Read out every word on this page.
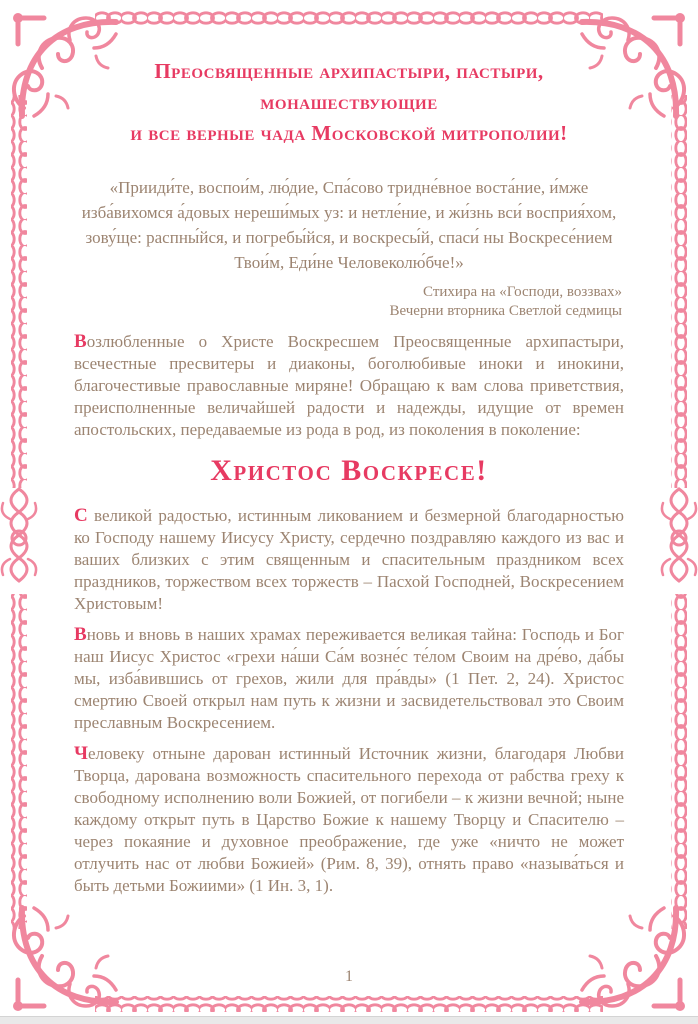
Преосвященные архипастыри, пастыри,
монашествующие
и все верные чада Московской митрополии!
«Прииди́те, воспои́м, лю́дие, Спа́сово тридне́вное воста́ние, и́мже изба́вихомся а́довых нереши́мых уз: и нетле́ние, и жи́знь вси́ восприя́хом, зову́ще: распны́йся, и погребы́йся, и воскресы́й, спаси́ ны Воскресе́нием Твои́м, Еди́не Человеколю́бче!»
Стихира на «Господи, воззвах»
Вечерни вторника Светлой седмицы

Возлюбленные о Христе Воскресшем Преосвященные архипастыри, всечестные пресвитеры и диаконы, боголюбивые иноки и инокини, благочестивые православные миряне! Обращаю к вам слова приветствия, преисполненные величайшей радости и надежды, идущие от времен апостольских, передаваемые из рода в род, из поколения в поколение:

Христос Воскресе!

С великой радостью, истинным ликованием и безмерной благодарностью ко Господу нашему Иисусу Христу, сердечно поздравляю каждого из вас и ваших близких с этим священным и спасительным праздником всех праздников, торжеством всех торжеств – Пасхой Господней, Воскресением Христовым!

Вновь и вновь в наших храмах переживается великая тайна: Господь и Бог наш Иисус Христос «грехи на́ши Са́м возне́с те́лом Своим на дре́во, да́бы мы, изба́вившись от грехов, жили для пра́вды» (1 Пет. 2, 24). Христос смертию Своей открыл нам путь к жизни и засвидетельствовал это Своим преславным Воскресением.

Человеку отныне дарован истинный Источник жизни, благодаря Любви Творца, дарована возможность спасительного перехода от рабства греху к свободному исполнению воли Божией, от погибели – к жизни вечной; ныне каждому открыт путь в Царство Божие к нашему Творцу и Спасителю – через покаяние и духовное преображение, где уже «ничто не может отлучить нас от любви Божией» (Рим. 8, 39), отнять право «называ́ться и быть детьми Божиими» (1 Ин. 3, 1).

1
